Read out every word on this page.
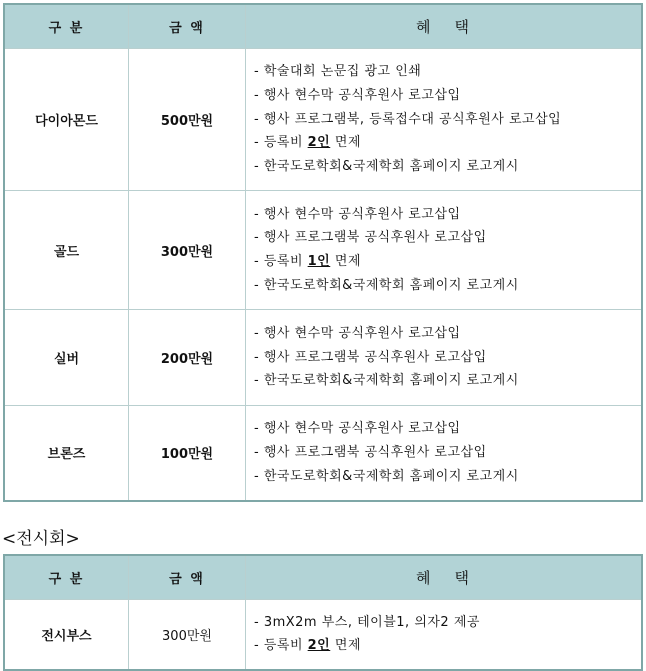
구 분	금 액	혜 택
다이아몬드	500만원	- 학술대회 논문집 광고 인쇄
- 행사 현수막 공식후원사 로고삽입
- 행사 프로그램북, 등록접수대 공식후원사 로고삽입
- 등록비 2인 면제
- 한국도로학회&국제학회 홈페이지 로고게시

골드	300만원	- 행사 현수막 공식후원사 로고삽입
- 행사 프로그램북 공식후원사 로고삽입
- 등록비 1인 면제
- 한국도로학회&국제학회 홈페이지 로고게시

실버	200만원	- 행사 현수막 공식후원사 로고삽입
- 행사 프로그램북 공식후원사 로고삽입
- 한국도로학회&국제학회 홈페이지 로고게시

브론즈	100만원	- 행사 현수막 공식후원사 로고삽입
- 행사 프로그램북 공식후원사 로고삽입
- 한국도로학회&국제학회 홈페이지 로고게시
<전시회>
구 분	금 액	혜 택
전시부스	300만원	- 3mX2m 부스, 테이블1, 의자2 제공
- 등록비 2인 면제
